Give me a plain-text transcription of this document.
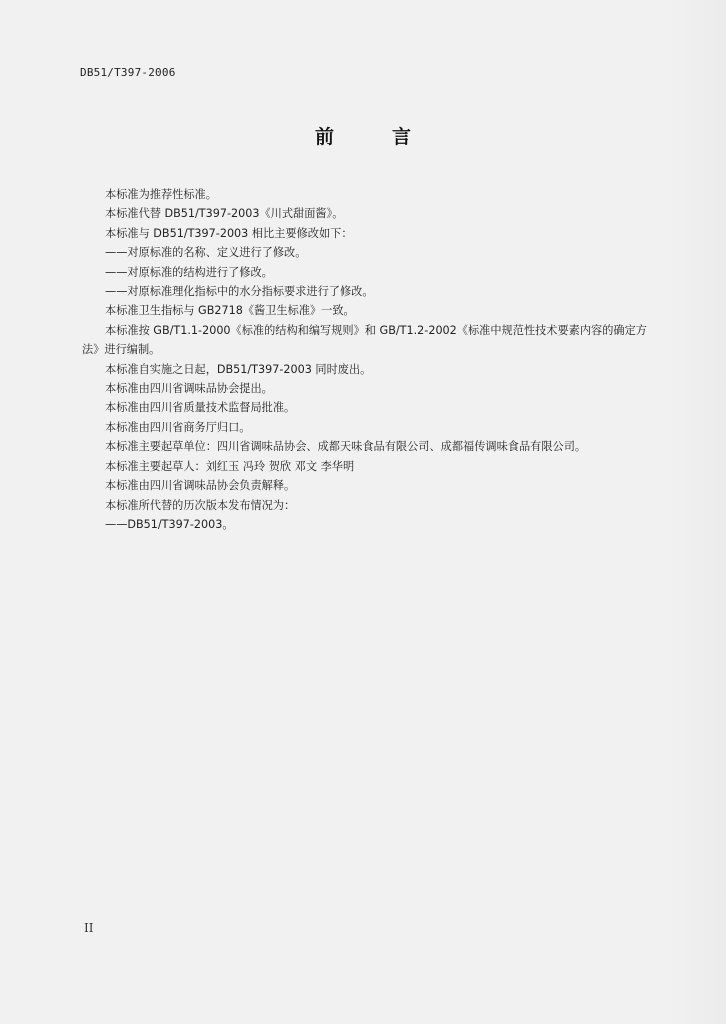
DB51/T397-2006
前言

本标准为推荐性标准。

本标准代替 DB51/T397-2003《川式甜面酱》。

本标准与 DB51/T397-2003 相比主要修改如下：

——对原标准的名称、定义进行了修改。

——对原标准的结构进行了修改。

——对原标准理化指标中的水分指标要求进行了修改。

本标准卫生指标与 GB2718《酱卫生标准》一致。

本标准按 GB/T1.1-2000《标准的结构和编写规则》和 GB/T1.2-2002《标准中规范性技术要素内容的确定方法》进行编制。

本标准自实施之日起，DB51/T397-2003 同时废出。

本标准由四川省调味品协会提出。

本标准由四川省质量技术监督局批准。

本标准由四川省商务厅归口。

本标准主要起草单位：四川省调味品协会、成都天味食品有限公司、成都福传调味食品有限公司。

本标准主要起草人：刘红玉 冯玲 贺欣 邓文 李华明

本标准由四川省调味品协会负责解释。

本标准所代替的历次版本发布情况为：

——DB51/T397-2003。

II
